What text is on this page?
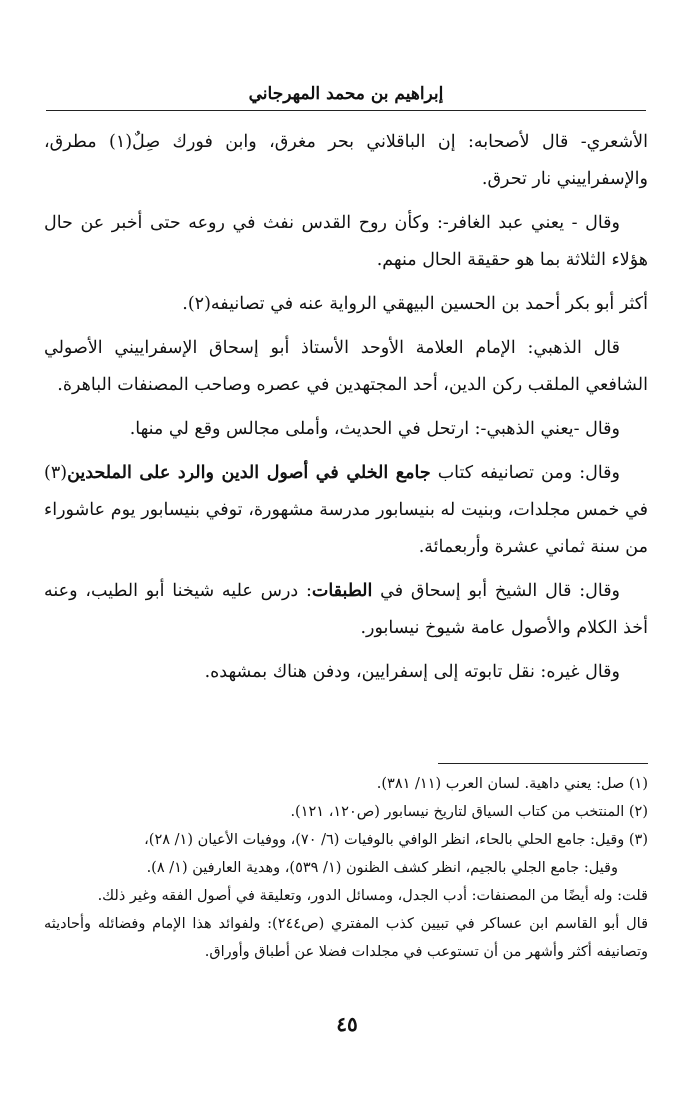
إبراهيم بن محمد المهرجاني

الأشعري- قال لأصحابه: إن الباقلاني بحر مغرق، وابن فورك صِلٌ(١) مطرق، والإسفراييني نار تحرق.

وقال - يعني عبد الغافر-: وكأن روح القدس نفث في روعه حتى أخبر عن حال هؤلاء الثلاثة بما هو حقيقة الحال منهم.

أكثر أبو بكر أحمد بن الحسين البيهقي الرواية عنه في تصانيفه(٢).

قال الذهبي: الإمام العلامة الأوحد الأستاذ أبو إسحاق الإسفراييني الأصولي الشافعي الملقب ركن الدين، أحد المجتهدين في عصره وصاحب المصنفات الباهرة.

وقال -يعني الذهبي-: ارتحل في الحديث، وأملى مجالس وقع لي منها.

وقال: ومن تصانيفه كتاب جامع الخلي في أصول الدين والرد على الملحدين(٣) في خمس مجلدات، وبنيت له بنيسابور مدرسة مشهورة، توفي بنيسابور يوم عاشوراء من سنة ثماني عشرة وأربعمائة.

وقال: قال الشيخ أبو إسحاق في الطبقات: درس عليه شيخنا أبو الطيب، وعنه أخذ الكلام والأصول عامة شيوخ نيسابور.

وقال غيره: نقل تابوته إلى إسفرايين، ودفن هناك بمشهده.

(١) صل: يعني داهية. لسان العرب (١١/ ٣٨١).

(٢) المنتخب من كتاب السياق لتاريخ نيسابور (ص١٢٠، ١٢١).

(٣) وقيل: جامع الحلي بالحاء، انظر الوافي بالوفيات (٦/ ٧٠)، ووفيات الأعيان (١/ ٢٨)،

وقيل: جامع الجلي بالجيم، انظر كشف الظنون (١/ ٥٣٩)، وهدية العارفين (١/ ٨).

قلت: وله أيضًا من المصنفات: أدب الجدل، ومسائل الدور، وتعليقة في أصول الفقه وغير ذلك.

قال أبو القاسم ابن عساكر في تبيين كذب المفتري (ص٢٤٤): ولفوائد هذا الإمام وفضائله وأحاديثه وتصانيفه أكثر وأشهر من أن تستوعب في مجلدات فضلا عن أطباق وأوراق.

٤٥
